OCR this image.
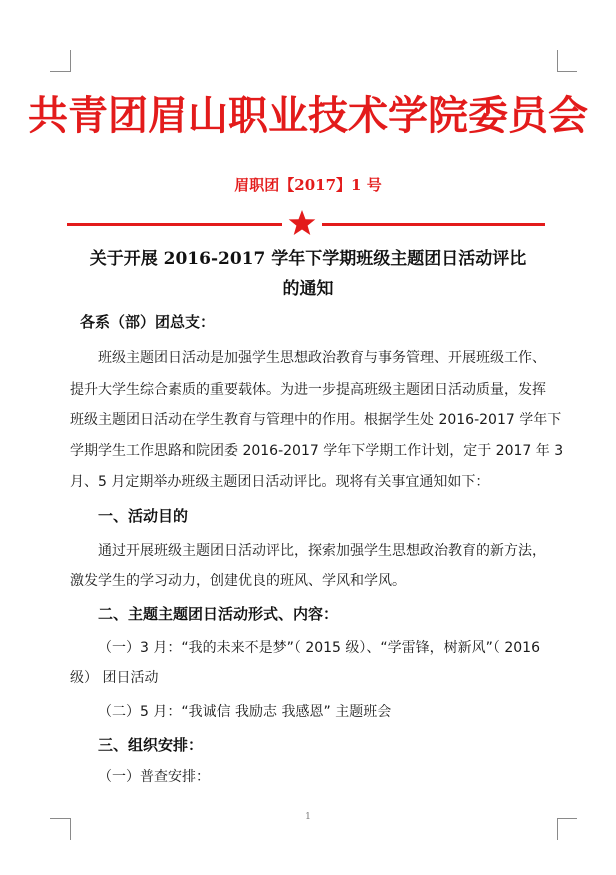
共青团眉山职业技术学院委员会
眉职团【2017】1 号
关于开展 2016-2017 学年下学期班级主题团日活动评比
的通知
各系（部）团总支：
班级主题团日活动是加强学生思想政治教育与事务管理、开展班级工作、
提升大学生综合素质的重要载体。为进一步提高班级主题团日活动质量，发挥
班级主题团日活动在学生教育与管理中的作用。根据学生处 2016-2017 学年下
学期学生工作思路和院团委 2016-2017 学年下学期工作计划，定于 2017 年 3
月、5 月定期举办班级主题团日活动评比。现将有关事宜通知如下：
一、活动目的
通过开展班级主题团日活动评比，探索加强学生思想政治教育的新方法，
激发学生的学习动力，创建优良的班风、学风和学风。
二、主题主题团日活动形式、内容：
（一）3 月：“我的未来不是梦”（ 2015 级）、“学雷锋，树新风”（ 2016
级） 团日活动
（二）5 月：“我诚信 我励志 我感恩” 主题班会
三、组织安排：
（一）普查安排：
1
